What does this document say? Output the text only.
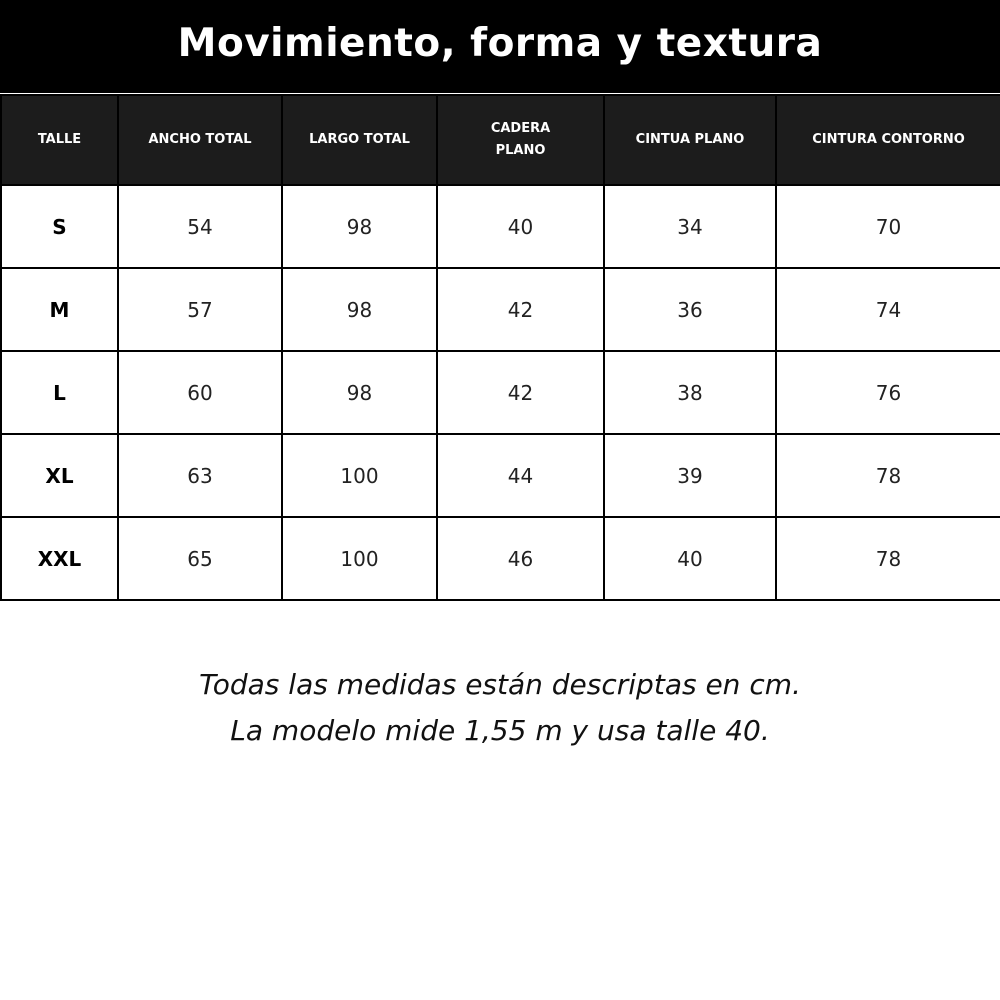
Movimiento, forma y textura
TALLE	ANCHO TOTAL	LARGO TOTAL	CADERA PLANO	CINTUA PLANO	CINTURA CONTORNO
S	54	98	40	34	70
M	57	98	42	36	74
L	60	98	42	38	76
XL	63	100	44	39	78
XXL	65	100	46	40	78

Todas las medidas están descriptas en cm.
La modelo mide 1,55 m y usa talle 40.
